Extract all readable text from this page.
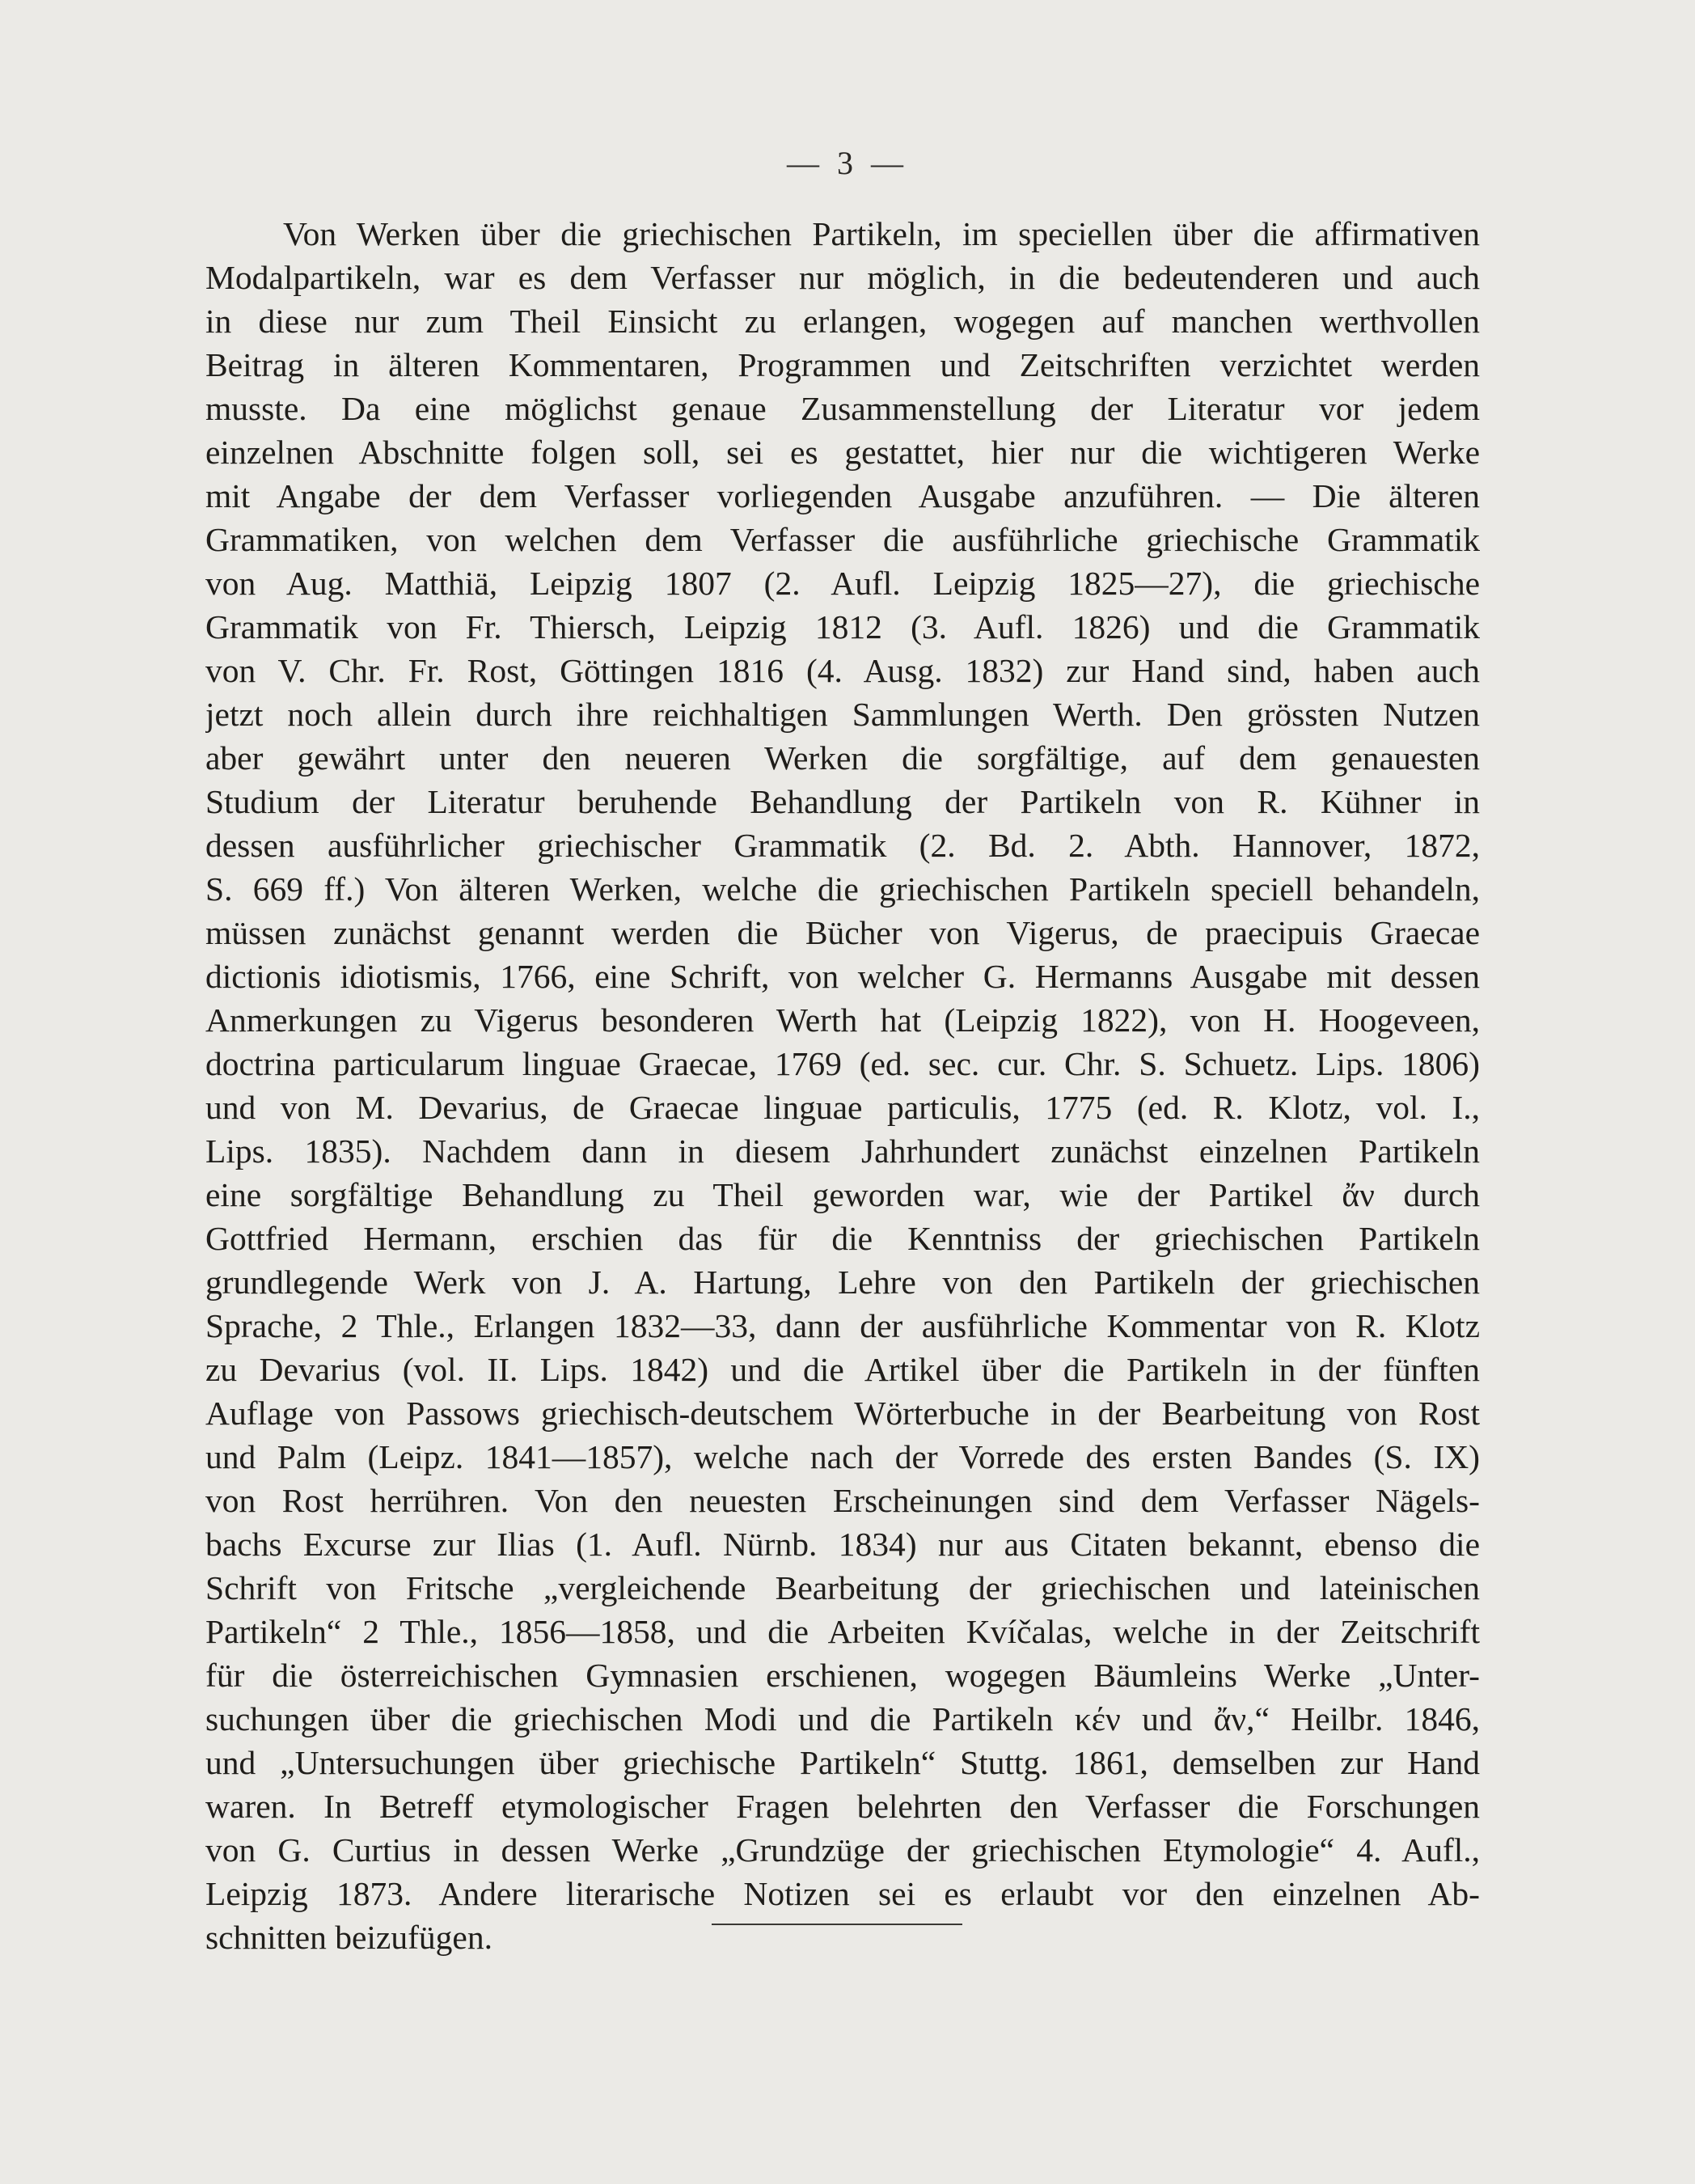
— 3 —
Von Werken über die griechischen Partikeln, im speciellen über die affirmativen
Modalpartikeln, war es dem Verfasser nur möglich, in die bedeutenderen und auch
in diese nur zum Theil Einsicht zu erlangen, wogegen auf manchen werthvollen
Beitrag in älteren Kommentaren, Programmen und Zeitschriften verzichtet werden
musste. Da eine möglichst genaue Zusammenstellung der Literatur vor jedem
einzelnen Abschnitte folgen soll, sei es gestattet, hier nur die wichtigeren Werke
mit Angabe der dem Verfasser vorliegenden Ausgabe anzuführen. — Die älteren
Grammatiken, von welchen dem Verfasser die ausführliche griechische Grammatik
von Aug. Matthiä, Leipzig 1807 (2. Aufl. Leipzig 1825—27), die griechische
Grammatik von Fr. Thiersch, Leipzig 1812 (3. Aufl. 1826) und die Grammatik
von V. Chr. Fr. Rost, Göttingen 1816 (4. Ausg. 1832) zur Hand sind, haben auch
jetzt noch allein durch ihre reichhaltigen Sammlungen Werth. Den grössten Nutzen
aber gewährt unter den neueren Werken die sorgfältige, auf dem genauesten
Studium der Literatur beruhende Behandlung der Partikeln von R. Kühner in
dessen ausführlicher griechischer Grammatik (2. Bd. 2. Abth. Hannover, 1872,
S. 669 ff.) Von älteren Werken, welche die griechischen Partikeln speciell behandeln,
müssen zunächst genannt werden die Bücher von Vigerus, de praecipuis Graecae
dictionis idiotismis, 1766, eine Schrift, von welcher G. Hermanns Ausgabe mit dessen
Anmerkungen zu Vigerus besonderen Werth hat (Leipzig 1822), von H. Hoogeveen,
doctrina particularum linguae Graecae, 1769 (ed. sec. cur. Chr. S. Schuetz. Lips. 1806)
und von M. Devarius, de Graecae linguae particulis, 1775 (ed. R. Klotz, vol. I.,
Lips. 1835). Nachdem dann in diesem Jahrhundert zunächst einzelnen Partikeln
eine sorgfältige Behandlung zu Theil geworden war, wie der Partikel ἄν durch
Gottfried Hermann, erschien das für die Kenntniss der griechischen Partikeln
grundlegende Werk von J. A. Hartung, Lehre von den Partikeln der griechischen
Sprache, 2 Thle., Erlangen 1832—33, dann der ausführliche Kommentar von R. Klotz
zu Devarius (vol. II. Lips. 1842) und die Artikel über die Partikeln in der fünften
Auflage von Passows griechisch-deutschem Wörterbuche in der Bearbeitung von Rost
und Palm (Leipz. 1841—1857), welche nach der Vorrede des ersten Bandes (S. IX)
von Rost herrühren. Von den neuesten Erscheinungen sind dem Verfasser Nägels-
bachs Excurse zur Ilias (1. Aufl. Nürnb. 1834) nur aus Citaten bekannt, ebenso die
Schrift von Fritsche „vergleichende Bearbeitung der griechischen und lateinischen
Partikeln“ 2 Thle., 1856—1858, und die Arbeiten Kvíčalas, welche in der Zeitschrift
für die österreichischen Gymnasien erschienen, wogegen Bäumleins Werke „Unter-
suchungen über die griechischen Modi und die Partikeln κέν und ἄν,“ Heilbr. 1846,
und „Untersuchungen über griechische Partikeln“ Stuttg. 1861, demselben zur Hand
waren. In Betreff etymologischer Fragen belehrten den Verfasser die Forschungen
von G. Curtius in dessen Werke „Grundzüge der griechischen Etymologie“ 4. Aufl.,
Leipzig 1873. Andere literarische Notizen sei es erlaubt vor den einzelnen Ab-
schnitten beizufügen.
